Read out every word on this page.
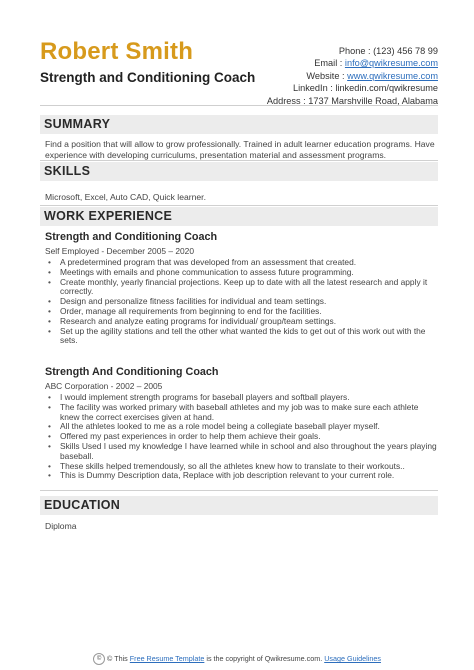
Robert Smith
Strength and Conditioning Coach
Phone : (123) 456 78 99
Email : info@qwikresume.com
Website : www.qwikresume.com
LinkedIn : linkedin.com/qwikresume
Address : 1737 Marshville Road, Alabama
SUMMARY
Find a position that will allow to grow professionally. Trained in adult learner education programs. Have experience with developing curriculums, presentation material and assessment programs.
SKILLS
Microsoft, Excel, Auto CAD, Quick learner.
WORK EXPERIENCE
Strength and Conditioning Coach
Self Employed - December 2005 – 2020
• A predetermined program that was developed from an assessment that created.
• Meetings with emails and phone communication to assess future programming.
• Create monthly, yearly financial projections. Keep up to date with all the latest research and apply it correctly.
• Design and personalize fitness facilities for individual and team settings.
• Order, manage all requirements from beginning to end for the facilities.
• Research and analyze eating programs for individual/ group/team settings.
• Set up the agility stations and tell the other what wanted the kids to get out of this work out with the sets.
Strength And Conditioning Coach
ABC Corporation - 2002 – 2005
• I would implement strength programs for baseball players and softball players.
• The facility was worked primary with baseball athletes and my job was to make sure each athlete knew the correct exercises given at hand.
• All the athletes looked to me as a role model being a collegiate baseball player myself.
• Offered my past experiences in order to help them achieve their goals.
• Skills Used I used my knowledge I have learned while in school and also throughout the years playing baseball.
• These skills helped tremendously, so all the athletes knew how to translate to their workouts..
• This is Dummy Description data, Replace with job description relevant to your current role.
EDUCATION
Diploma
© © This Free Resume Template is the copyright of Qwikresume.com. Usage Guidelines
